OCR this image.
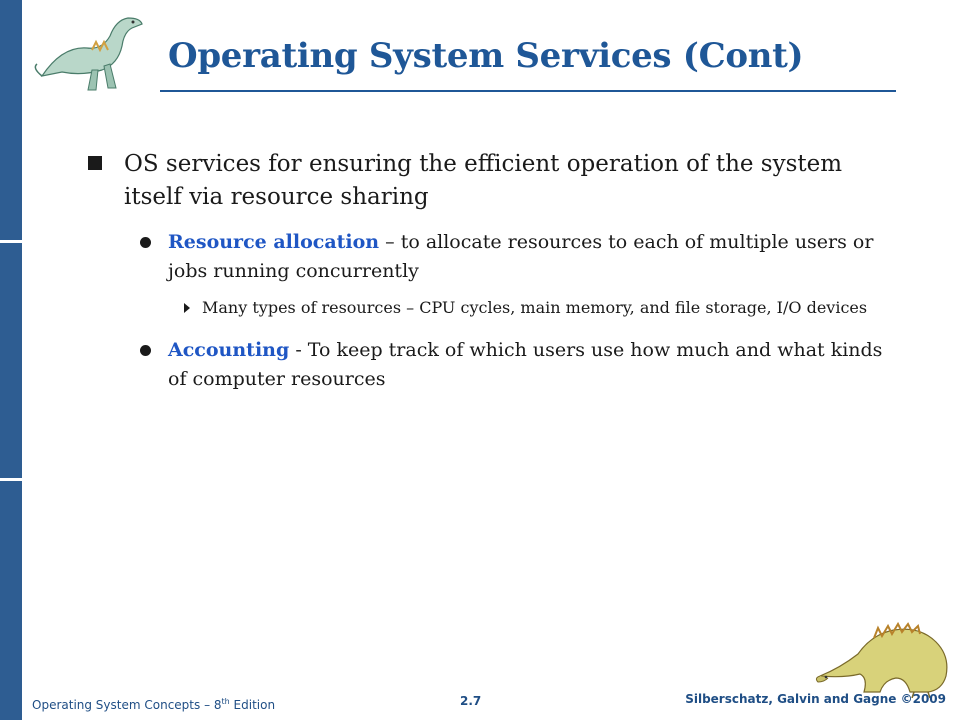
Operating System Services (Cont)
OS services for ensuring the efficient operation of the system itself via resource sharing
Resource allocation – to allocate resources to each of multiple users or jobs running concurrently
Many types of resources – CPU cycles, main memory, and file storage, I/O devices
Accounting - To keep track of which users use how much and what kinds of computer resources
Operating System Concepts – 8th Edition	2.7	Silberschatz, Galvin and Gagne ©2009
